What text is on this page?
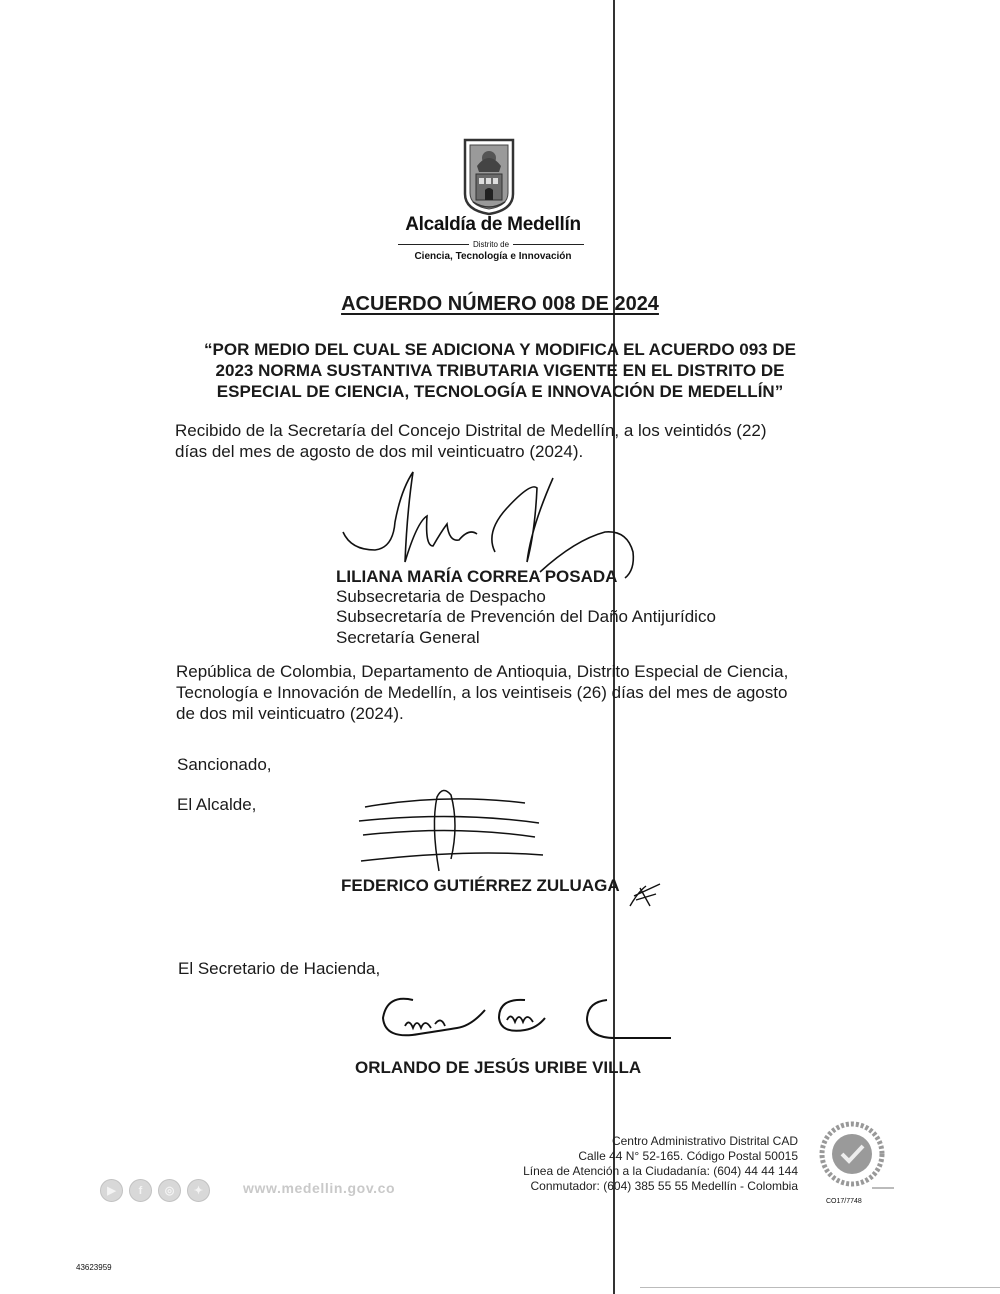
Alcaldía de Medellín
Distrito de
Ciencia, Tecnología e Innovación
ACUERDO NÚMERO 008 DE 2024
“POR MEDIO DEL CUAL SE ADICIONA Y MODIFICA EL ACUERDO 093 DE
2023 NORMA SUSTANTIVA TRIBUTARIA VIGENTE EN EL DISTRITO DE
ESPECIAL DE CIENCIA, TECNOLOGÍA E INNOVACIÓN DE MEDELLÍN”
Recibido de la Secretaría del Concejo Distrital de Medellín, a los veintidós (22)
días del mes de agosto de dos mil veinticuatro (2024).
LILIANA MARÍA CORREA POSADA
Subsecretaria de Despacho
Subsecretaría de Prevención del Daño Antijurídico
Secretaría General
República de Colombia, Departamento de Antioquia, Distrito Especial de Ciencia,
Tecnología e Innovación de Medellín, a los veintiseis (26) días del mes de agosto
de dos mil veinticuatro (2024).
Sancionado,
El Alcalde,
FEDERICO GUTIÉRREZ ZULUAGA
El Secretario de Hacienda,
ORLANDO DE JESÚS URIBE VILLA
Centro Administrativo Distrital CAD
Calle 44 N° 52-165. Código Postal 50015
Línea de Atención a la Ciudadanía: (604) 44 44 144
Conmutador: (604) 385 55 55 Medellín - Colombia
▶	f	◎	✦	www.medellin.gov.co
CO17/7748
43623959
